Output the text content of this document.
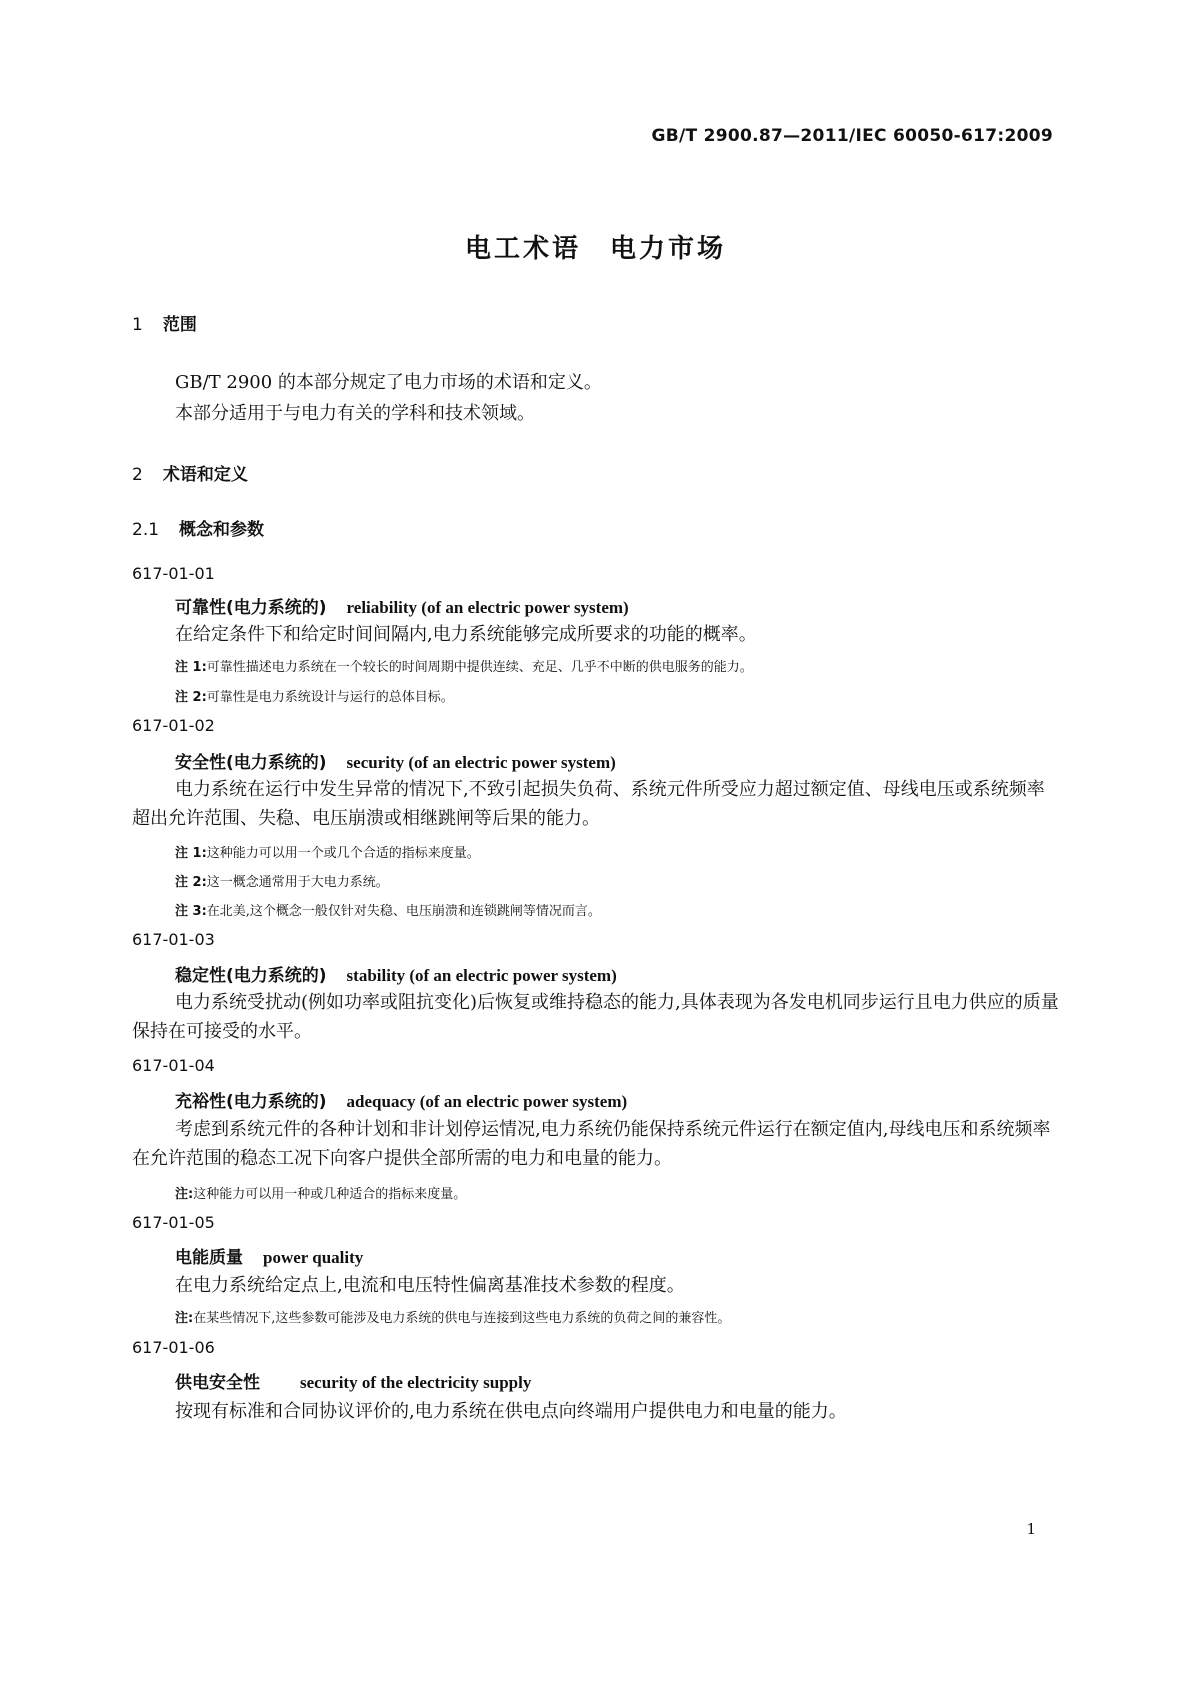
GB/T 2900.87—2011/IEC 60050-617:2009
电工术语　电力市场
1 范围
GB/T 2900 的本部分规定了电力市场的术语和定义。
本部分适用于与电力有关的学科和技术领域。
2 术语和定义
2.1 概念和参数
617-01-01
可靠性(电力系统的) reliability (of an electric power system)
在给定条件下和给定时间间隔内,电力系统能够完成所要求的功能的概率。
注 1:可靠性描述电力系统在一个较长的时间周期中提供连续、充足、几乎不中断的供电服务的能力。
注 2:可靠性是电力系统设计与运行的总体目标。
617-01-02
安全性(电力系统的) security (of an electric power system)
电力系统在运行中发生异常的情况下,不致引起损失负荷、系统元件所受应力超过额定值、母线电压或系统频率超出允许范围、失稳、电压崩溃或相继跳闸等后果的能力。
注 1:这种能力可以用一个或几个合适的指标来度量。
注 2:这一概念通常用于大电力系统。
注 3:在北美,这个概念一般仅针对失稳、电压崩溃和连锁跳闸等情况而言。
617-01-03
稳定性(电力系统的) stability (of an electric power system)
电力系统受扰动(例如功率或阻抗变化)后恢复或维持稳态的能力,具体表现为各发电机同步运行且电力供应的质量保持在可接受的水平。
617-01-04
充裕性(电力系统的) adequacy (of an electric power system)
考虑到系统元件的各种计划和非计划停运情况,电力系统仍能保持系统元件运行在额定值内,母线电压和系统频率在允许范围的稳态工况下向客户提供全部所需的电力和电量的能力。
注:这种能力可以用一种或几种适合的指标来度量。
617-01-05
电能质量 power quality
在电力系统给定点上,电流和电压特性偏离基准技术参数的程度。
注:在某些情况下,这些参数可能涉及电力系统的供电与连接到这些电力系统的负荷之间的兼容性。
617-01-06
供电安全性 security of the electricity supply
按现有标准和合同协议评价的,电力系统在供电点向终端用户提供电力和电量的能力。
1
